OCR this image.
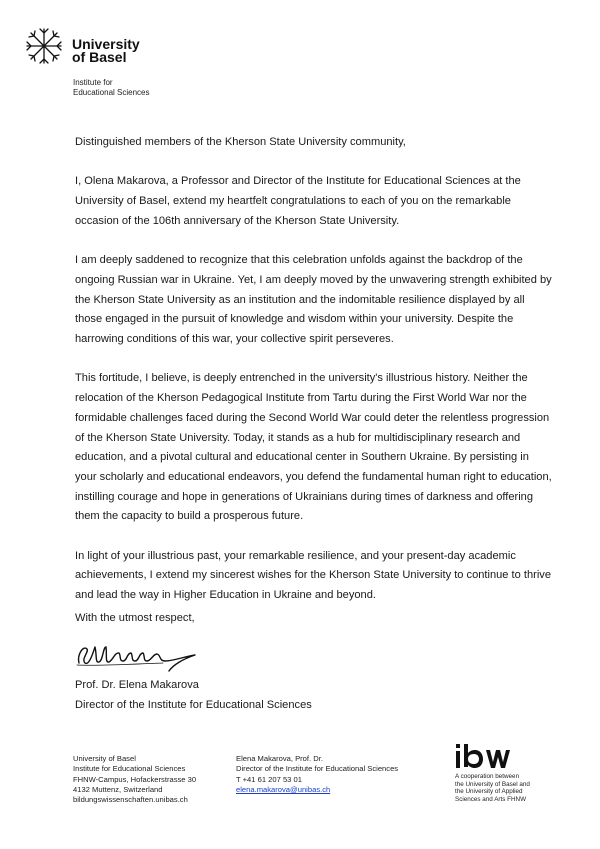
University
of Basel
Institute for
Educational Sciences

Distinguished members of the Kherson State University community,

I, Olena Makarova, a Professor and Director of the Institute for Educational Sciences at the University of Basel, extend my heartfelt congratulations to each of you on the remarkable occasion of the 106th anniversary of the Kherson State University.

I am deeply saddened to recognize that this celebration unfolds against the backdrop of the ongoing Russian war in Ukraine. Yet, I am deeply moved by the unwavering strength exhibited by the Kherson State University as an institution and the indomitable resilience displayed by all those engaged in the pursuit of knowledge and wisdom within your university. Despite the harrowing conditions of this war, your collective spirit perseveres.

This fortitude, I believe, is deeply entrenched in the university's illustrious history. Neither the relocation of the Kherson Pedagogical Institute from Tartu during the First World War nor the formidable challenges faced during the Second World War could deter the relentless progression of the Kherson State University. Today, it stands as a hub for multidisciplinary research and education, and a pivotal cultural and educational center in Southern Ukraine. By persisting in your scholarly and educational endeavors, you defend the fundamental human right to education, instilling courage and hope in generations of Ukrainians during times of darkness and offering them the capacity to build a prosperous future.

In light of your illustrious past, your remarkable resilience, and your present-day academic achievements, I extend my sincerest wishes for the Kherson State University to continue to thrive and lead the way in Higher Education in Ukraine and beyond.

With the utmost respect,
Prof. Dr. Elena Makarova
Director of the Institute for Educational Sciences
University of Basel
Institute for Educational Sciences
FHNW-Campus, Hofackerstrasse 30
4132 Muttenz, Switzerland
bildungswissenschaften.unibas.ch
Elena Makarova, Prof. Dr.
Director of the Institute for Educational Sciences
T +41 61 207 53 01
elena.makarova@unibas.ch
A cooperation between
the University of Basel and
the University of Applied
Sciences and Arts FHNW
